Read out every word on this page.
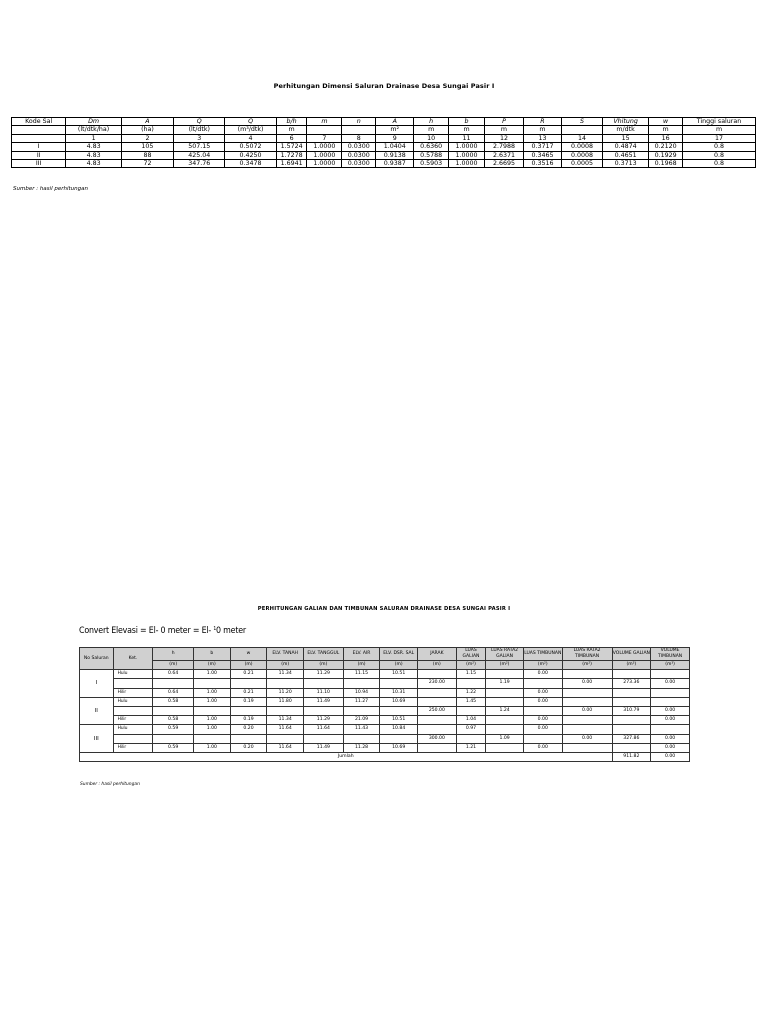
Perhitungan Dimensi Saluran Drainase Desa Sungai Pasir I
Kode Sal	Dm	A	Q	Q	b/h	m	n	A	h	b	P	R	S	Vhitung	w	Tinggi saluran
	(lt/dtk/ha)	(ha)	(lt/dtk)	(m³/dtk)	m			m²	m	m	m	m		m/dtk	m	m
	1	2	3	4	6	7	8	9	10	11	12	13	14	15	16	17
I	4.83	105	507.15	0.5072	1.5724	1.0000	0.0300	1.0404	0.6360	1.0000	2.7988	0.3717	0.0008	0.4874	0.2120	0.8
II	4.83	88	425.04	0.4250	1.7278	1.0000	0.0300	0.9138	0.5788	1.0000	2.6371	0.3465	0.0008	0.4651	0.1929	0.8
III	4.83	72	347.76	0.3478	1.6941	1.0000	0.0300	0.9387	0.5903	1.0000	2.6695	0.3516	0.0005	0.3713	0.1968	0.8
Sumber : hasil perhitungan
PERHITUNGAN GALIAN DAN TIMBUNAN SALURAN DRAINASE DESA SUNGAI PASIR I
Convert Elevasi = El- 0 meter = El- $^1$0 meter
No Saluran	Ket.	h	b	w	ELV. TANAH	ELV. TANGGUL	ELV. AIR	ELV. DSR. SAL	JARAK	LUAS GALIAN	LUAS RATA2 GALIAN	LUAS TIMBUNAN	LUAS RATA2 TIMBUNAN	VOLUME GALIAN	VOLUME TIMBUNAN
		(m)	(m)	(m)	(m)	(m)	(m)	(m)	(m)	(m²)	(m²)	(m²)	(m²)	(m³)	(m³)
I	Hulu	0.64	1.00	0.21	11.34	11.29	11.15	10.51		1.15		0.00			
									230.00		1.19		0.00	273.36	0.00
	Hilir	0.64	1.00	0.21	11.20	11.10	10.94	10.31		1.22		0.00			
II	Hulu	0.58	1.00	0.19	11.80	11.49	11.27	10.69		1.45		0.00			
									250.00		1.24		0.00	310.79	0.00
	Hilir	0.58	1.00	0.19	11.34	11.29	21.09	10.51		1.04		0.00			0.00
III	Hulu	0.59	1.00	0.20	11.64	11.64	11.43	10.84		0.97		0.00			
									300.00		1.09		0.00	327.86	0.00
	Hilir	0.59	1.00	0.20	11.64	11.49	11.28	10.69		1.21		0.00			0.00
Jumlah														911.82	0.00
Sumber : hasil perhitungan
